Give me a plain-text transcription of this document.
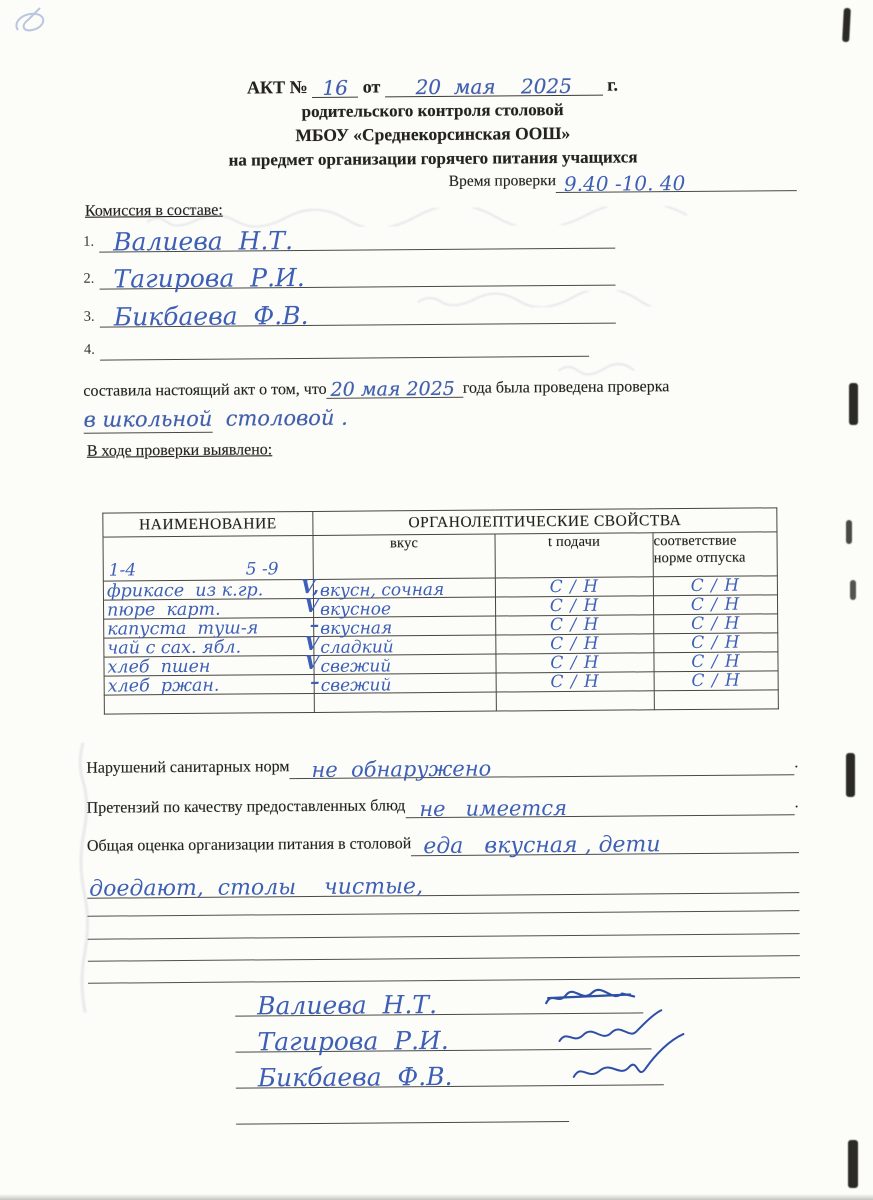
АКТ № 16 от 20  мая    2025 г.
родительского контроля столовой
МБОУ «Среднекорсинская ООШ»
на предмет организации горячего питания учащихся
Время проверки 9.40 -10. 40
Комиссия в составе:
1. Валиева  Н.Т.
2. Тагирова  Р.И.
3. Бикбаева  Ф.В.
4.
составила настоящий акт о том, что 20 мая 2025 года была проведена проверка
в школьной  столовой .
В ходе проверки выявлено:
НАИМЕНОВАНИЕ	ОРГАНОЛЕПТИЧЕСКИЕ СВОЙСТВА		

1-4 5 -9	вкус	t подачи	соответствие норме отпуска

фрикасе  из к.гр. V,	вкусн, сочная	С / Н	С / Н

пюре  карт. V	вкусное	С / Н	С / Н

капуста  туш-я –	вкусная	С / Н	С / Н

чай с сах. ябл. V	сладкий	С / Н	С / Н

хлеб  пшен V	свежий	С / Н	С / Н

хлеб  ржан. –	свежий	С / Н	С / Н

Нарушений санитарных норм не  обнаружено	.
Претензий по качеству предоставленных блюд не   имеется	.
Общая оценка организации питания в столовой еда   вкусная , дети
доедают,  столы    чистые,
Валиева  Н.Т.
Тагирова  Р.И.
Бикбаева  Ф.В.
